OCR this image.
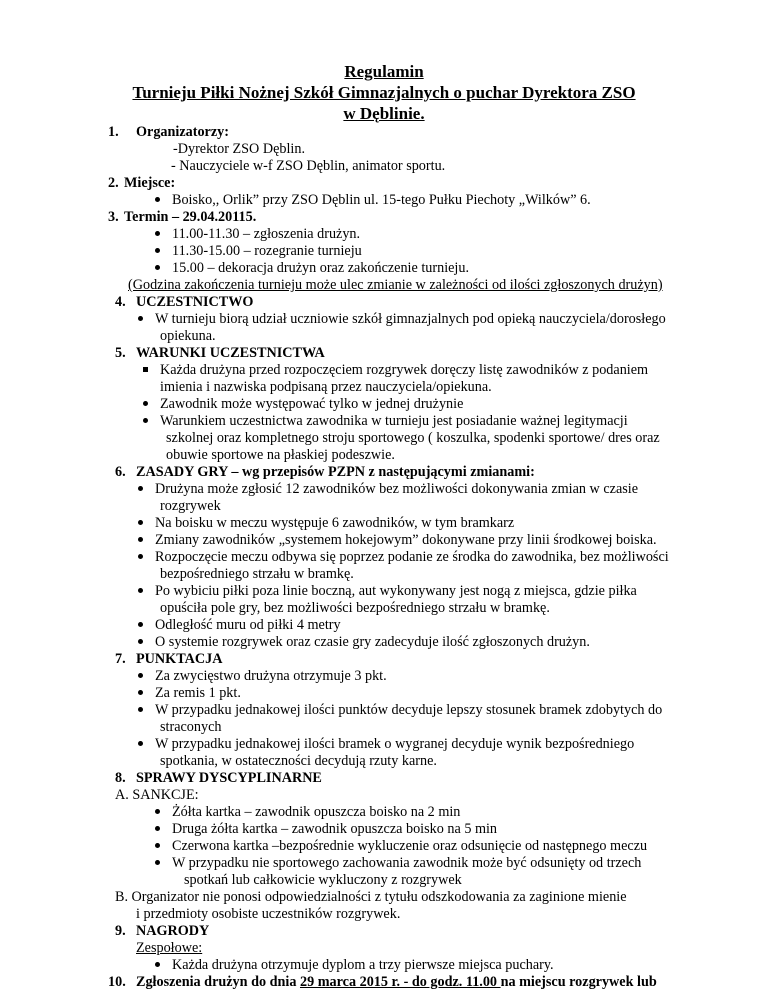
Regulamin
Turnieju Piłki Nożnej Szkół Gimnazjalnych o puchar Dyrektora ZSO
w Dęblinie.
1. Organizatorzy:
-Dyrektor ZSO Dęblin.
- Nauczyciele w-f ZSO Dęblin, animator sportu.
2. Miejsce:
Boisko,, Orlik” przy ZSO Dęblin ul. 15-tego Pułku Piechoty „Wilków” 6.
3. Termin – 29.04.20115.
11.00-11.30 – zgłoszenia drużyn.
11.30-15.00 – rozegranie turnieju
15.00 – dekoracja drużyn oraz zakończenie turnieju.
(Godzina zakończenia turnieju może ulec zmianie w zależności od ilości zgłoszonych drużyn)
4. UCZESTNICTWO
W turnieju biorą udział uczniowie szkół gimnazjalnych pod opieką nauczyciela/dorosłego
opiekuna.
5. WARUNKI UCZESTNICTWA
Każda drużyna przed rozpoczęciem rozgrywek doręczy listę zawodników z podaniem
imienia i nazwiska podpisaną przez nauczyciela/opiekuna.
Zawodnik może występować tylko w jednej drużynie
Warunkiem uczestnictwa zawodnika w turnieju jest posiadanie ważnej legitymacji
szkolnej oraz kompletnego stroju sportowego ( koszulka, spodenki sportowe/ dres oraz
obuwie sportowe na płaskiej podeszwie.
6. ZASADY GRY – wg przepisów PZPN z następującymi zmianami:
Drużyna może zgłosić 12 zawodników bez możliwości dokonywania zmian w czasie
rozgrywek
Na boisku w meczu występuje 6 zawodników, w tym bramkarz
Zmiany zawodników „systemem hokejowym” dokonywane przy linii środkowej boiska.
Rozpoczęcie meczu odbywa się poprzez podanie ze środka do zawodnika, bez możliwości
bezpośredniego strzału w bramkę.
Po wybiciu piłki poza linie boczną, aut wykonywany jest nogą z miejsca, gdzie piłka
opuściła pole gry, bez możliwości bezpośredniego strzału w bramkę.
Odległość muru od piłki 4 metry
O systemie rozgrywek oraz czasie gry zadecyduje ilość zgłoszonych drużyn.
7. PUNKTACJA
Za zwycięstwo drużyna otrzymuje 3 pkt.
Za remis 1 pkt.
W przypadku jednakowej ilości punktów decyduje lepszy stosunek bramek zdobytych do
straconych
W przypadku jednakowej ilości bramek o wygranej decyduje wynik bezpośredniego
spotkania, w ostateczności decydują rzuty karne.
8. SPRAWY DYSCYPLINARNE
A. SANKCJE:
Żółta kartka – zawodnik opuszcza boisko na 2 min
Druga żółta kartka – zawodnik opuszcza boisko na 5 min
Czerwona kartka –bezpośrednie wykluczenie oraz odsunięcie od następnego meczu
W przypadku nie sportowego zachowania zawodnik może być odsunięty od trzech
spotkań lub całkowicie wykluczony z rozgrywek
B. Organizator nie ponosi odpowiedzialności z tytułu odszkodowania za zaginione mienie
i przedmioty osobiste uczestników rozgrywek.
9. NAGRODY
Zespołowe:
Każda drużyna otrzymuje dyplom a trzy pierwsze miejsca puchary.
10. Zgłoszenia drużyn do dnia 29 marca 2015 r. - do godz. 11.00 na miejscu rozgrywek lub
